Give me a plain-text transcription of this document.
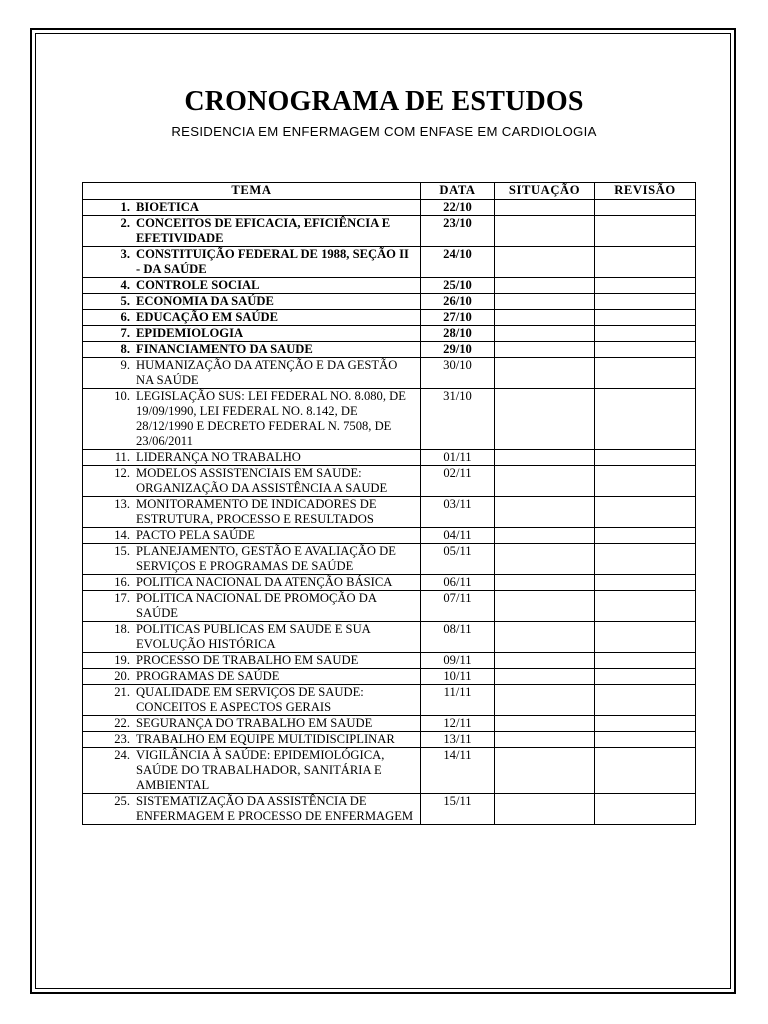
CRONOGRAMA DE ESTUDOS
RESIDENCIA EM ENFERMAGEM COM ENFASE EM CARDIOLOGIA
TEMA	DATA	SITUAÇÃO	REVISÃO

1. BIOETICA	22/10		

2. CONCEITOS DE EFICACIA, EFICIÊNCIA E EFETIVIDADE	23/10		

3. CONSTITUIÇÃO FEDERAL DE 1988, SEÇÃO II - DA SAÚDE	24/10		

4. CONTROLE SOCIAL	25/10		

5. ECONOMIA DA SAÚDE	26/10		

6. EDUCAÇÃO EM SAÚDE	27/10		

7. EPIDEMIOLOGIA	28/10		

8. FINANCIAMENTO DA SAUDE	29/10		

9. HUMANIZAÇÃO DA ATENÇÃO E DA GESTÃO NA SAÚDE	30/10		

10. LEGISLAÇÃO SUS: LEI FEDERAL NO. 8.080, DE 19/09/1990, LEI FEDERAL NO. 8.142, DE 28/12/1990 E DECRETO FEDERAL N. 7508, DE 23/06/2011	31/10		

11. LIDERANÇA NO TRABALHO	01/11		

12. MODELOS ASSISTENCIAIS EM SAUDE: ORGANIZAÇÃO DA ASSISTÊNCIA A SAUDE	02/11		

13. MONITORAMENTO DE INDICADORES DE ESTRUTURA, PROCESSO E RESULTADOS	03/11		

14. PACTO PELA SAÚDE	04/11		

15. PLANEJAMENTO, GESTÃO E AVALIAÇÃO DE SERVIÇOS E PROGRAMAS DE SAÚDE	05/11		

16. POLITICA NACIONAL DA ATENÇÃO BÁSICA	06/11		

17. POLITICA NACIONAL DE PROMOÇÃO DA SAÚDE	07/11		

18. POLITICAS PUBLICAS EM SAUDE E SUA EVOLUÇÃO HISTÓRICA	08/11		

19. PROCESSO DE TRABALHO EM SAUDE	09/11		

20. PROGRAMAS DE SAÚDE	10/11		

21. QUALIDADE EM SERVIÇOS DE SAUDE: CONCEITOS E ASPECTOS GERAIS	11/11		

22. SEGURANÇA DO TRABALHO EM SAUDE	12/11		

23. TRABALHO EM EQUIPE MULTIDISCIPLINAR	13/11		

24. VIGILÂNCIA À SAÚDE: EPIDEMIOLÓGICA, SAÚDE DO TRABALHADOR, SANITÁRIA E AMBIENTAL	14/11		

25. SISTEMATIZAÇÃO DA ASSISTÊNCIA DE ENFERMAGEM E PROCESSO DE ENFERMAGEM	15/11		
